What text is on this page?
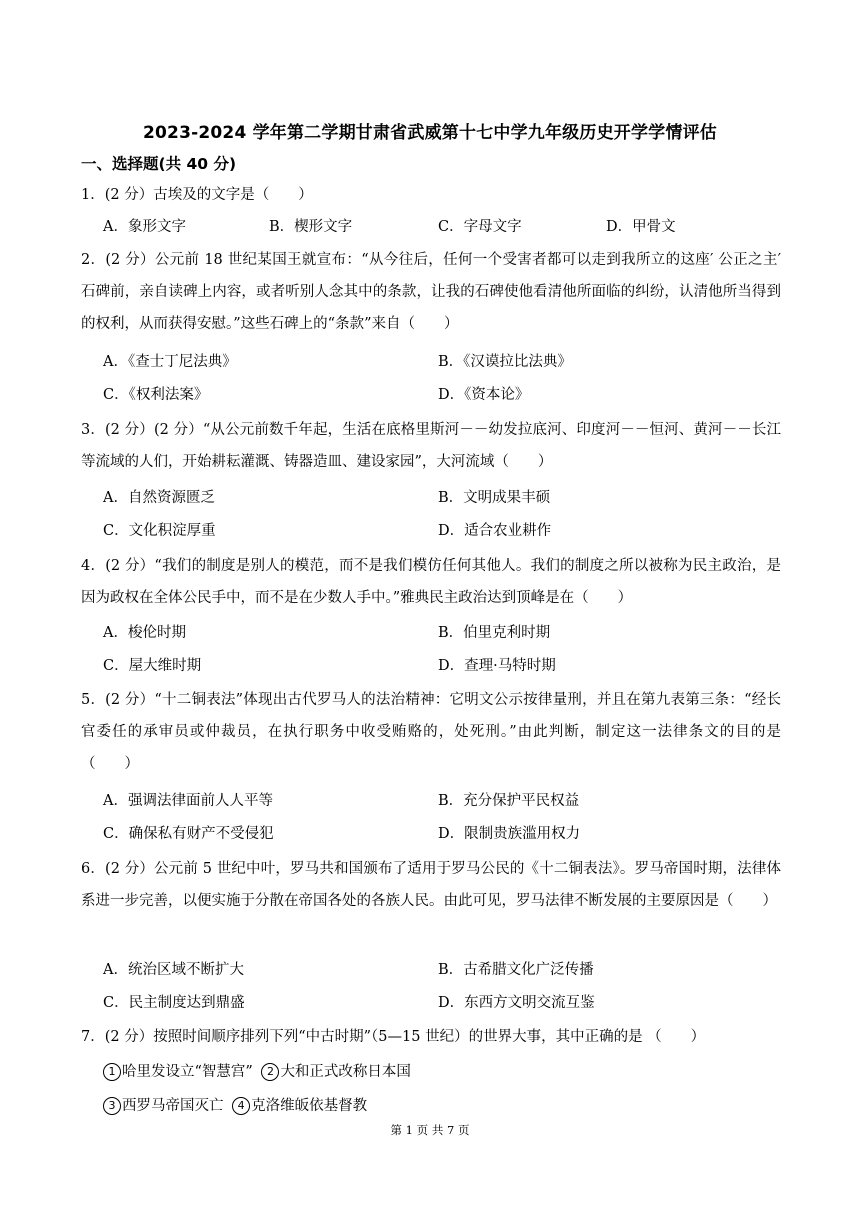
2023-2024 学年第二学期甘肃省武威第十七中学九年级历史开学学情评估
一、选择题(共 40 分)
1．(2 分）古埃及的文字是（　　）
A．象形文字	B．楔形文字	C．字母文字	D．甲骨文
2．(2 分）公元前 18 世纪某国王就宣布：“从今往后，任何一个受害者都可以走到我所立的这座′ 公正之主′ 石碑前，亲自读碑上内容，或者听别人念其中的条款，让我的石碑使他看清他所面临的纠纷，认清他所当得到的权利，从而获得安慰。”这些石碑上的“条款”来自（　　）
A．《查士丁尼法典》	B．《汉谟拉比法典》
C．《权利法案》	D．《资本论》
3．(2 分）(2 分）“从公元前数千年起，生活在底格里斯河－－幼发拉底河、印度河－－恒河、黄河－－长江等流域的人们，开始耕耘灌溉、铸器造皿、建设家园”，大河流域（　　）
A．自然资源匮乏	B．文明成果丰硕
C．文化积淀厚重	D．适合农业耕作
4．(2 分）“我们的制度是别人的模范，而不是我们模仿任何其他人。我们的制度之所以被称为民主政治，是因为政权在全体公民手中，而不是在少数人手中。”雅典民主政治达到顶峰是在（　　）
A．梭伦时期	B．伯里克利时期
C．屋大维时期	D．查理·马特时期
5．(2 分）“十二铜表法”体现出古代罗马人的法治精神：它明文公示按律量刑，并且在第九表第三条：“经长官委任的承审员或仲裁员，在执行职务中收受贿赂的，处死刑。”由此判断，制定这一法律条文的目的是（　　）
A．强调法律面前人人平等	B．充分保护平民权益
C．确保私有财产不受侵犯	D．限制贵族滥用权力
6．(2 分）公元前 5 世纪中叶，罗马共和国颁布了适用于罗马公民的《十二铜表法》。罗马帝国时期，法律体系进一步完善，以便实施于分散在帝国各处的各族人民。由此可见，罗马法律不断发展的主要原因是（　　）
A．统治区域不断扩大	B．古希腊文化广泛传播
C．民主制度达到鼎盛	D．东西方文明交流互鉴
7．(2 分）按照时间顺序排列下列“中古时期”（5—15 世纪）的世界大事，其中正确的是 （　　）
1 哈里发设立“智慧宫” 2 大和正式改称日本国
3 西罗马帝国灭亡 4 克洛维皈依基督教
第 1 页 共 7 页
